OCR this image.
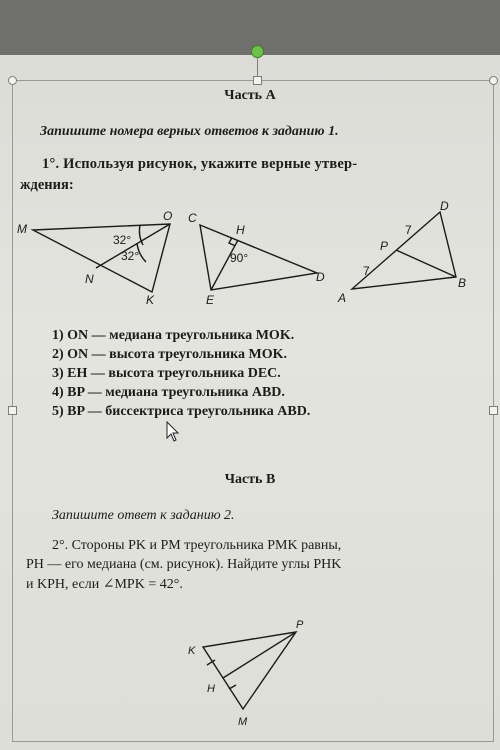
Часть А
Запишите номера верных ответов к заданию 1.
1°. Используя рисунок, укажите верные утвер-
ждения:
32°
32°
M
O
N
K
90°
C
H
D
E
7
7
D
P
B
A
1) ON — медиана треугольника MOK.
2) ON — высота треугольника MOK.
3) EH — высота треугольника DEC.
4) BP — медиана треугольника ABD.
5) BP — биссектриса треугольника ABD.
Часть В
Запишите ответ к заданию 2.
2°. Стороны PK и PM треугольника PMK равны,
PH — его медиана (см. рисунок). Найдите углы PHK
и KPH, если ∠MPK = 42°.
P
K
H
M
